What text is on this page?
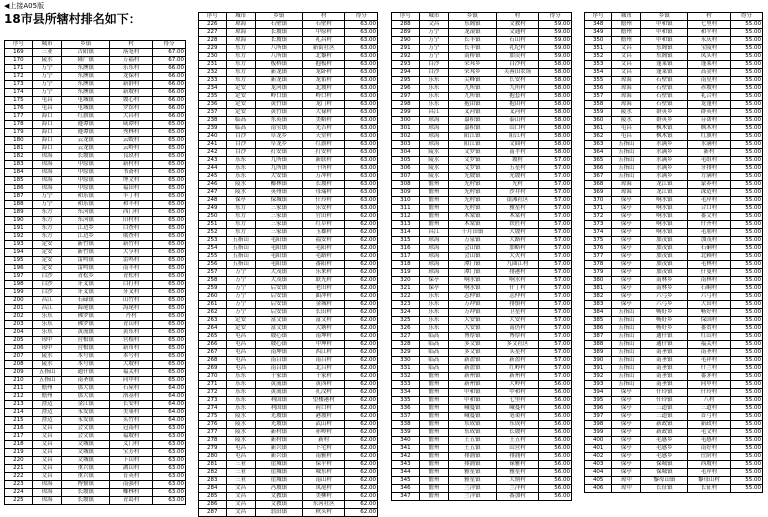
◀上接A05版
18市县所辖村排名如下：
序号	城市	乡镇	村	得分
169	三亚	吉阳镇	落笔村	67.00
170	陵水	隆广镇	万福村	67.00
171	万宁	东澳镇	乐东村	66.00
172	万宁	东澳镇	龙保村	66.00
173	万宁	东澳镇	新群村	66.00
174	万宁	东澳镇	新坡村	66.00
175	屯昌	屯城镇	坡心村	66.00
176	屯昌	屯城镇	罗馆村	66.00
177	海口	红旗镇	大昌村	66.00
178	海口	遵谭镇	咸谭村	65.00
179	海口	遵谭镇	秀林村	65.00
180	海口	云龙镇	云蛟村	65.00
181	海口	云龙镇	云岭村	65.00
182	琼海	长坡镇	良玖村	65.00
183	琼海	中原镇	新村村	65.00
184	琼海	中原镇	书斋村	65.00
185	琼海	中原镇	博文村	65.00
186	琼海	中原镇	福田村	65.00
187	万宁	和乐镇	丰丁村	65.00
188	万宁	和乐镇	和丰村	65.00
189	东方	东河镇	西门村	65.00
190	东方	东河镇	旧村村	65.00
191	东方	江边乡	白查村	65.00
192	东方	江边乡	俄查村	65.00
193	定安	新竹镇	新竹村	65.00
194	定安	新竹镇	大亨村	65.00
195	定安	雷鸣镇	雷鸣村	65.00
196	定安	雷鸣镇	南丰村	65.00
197	白沙	青松乡	青松村	65.00
198	白沙	牙叉镇	白打村	65.00
199	白沙	牙叉镇	牙叉村	65.00
200	昌江	石碌镇	山竹村	65.00
201	昌江	海尾镇	海尾村	65.00
202	乐东	佛罗镇	丹村	65.00
203	乐东	佛罗镇	青山村	65.00
204	乐东	黄流镇	黄东村	65.00
205	琼中	营根镇	营根村	65.00
206	琼中	营根镇	新市村	65.00
207	陵水	本号镇	本号村	65.00
208	陵水	本号镇	大坡村	65.00
209	五指山	通什镇	福关村	65.00
210	五指山	南圣镇	同甲村	65.00
211	儋州	那大镇	石屋村	64.00
212	儋州	那大镇	洛基村	64.00
213	澄迈	金江镇	长安村	64.00
214	澄迈	永发镇	美巢村	64.00
215	澄迈	永发镇	头竹村	64.00
216	文昌	会文镇	冠南村	63.00
217	文昌	会文镇	福坡村	63.00
218	文昌	文城镇	义门村	63.00
219	文昌	文城镇	宝芳村	63.00
220	文昌	文城镇	下山村	63.00
221	文昌	重兴镇	湖山村	63.00
222	文昌	重兴镇	育英村	63.00
223	琼海	博鳌镇	南强村	63.00
224	琼海	长坡镇	椰林村	63.00
225	琼海	长坡镇	青葛村	63.00
序号	城市	乡镇	村	得分
226	琼海	石壁镇	石壁村	63.00
227	琼海	长坡镇	中原村	63.00
228	琼海	长坡镇	礼昌村	63.00
229	东方	八所镇	新街社区	63.00
230	东方	八所镇	北黎村	63.00
231	东方	板桥镇	抱板村	63.00
232	东方	新龙镇	龙卧村	63.00
233	东方	新龙镇	龙佑村	63.00
234	定安	龙河镇	北坡村	63.00
235	定安	岭口镇	岭口村	63.00
236	定安	黄竹镇	龙门村	63.00
237	定安	黄竹镇	大禄村	63.00
238	临高	东英镇	美略村	63.00
239	临高	南宝镇	光吉村	63.00
240	白沙	阜龙乡	天堂村	63.00
241	白沙	阜龙乡	红旗村	63.00
242	白沙	打安镇	打安村	63.00
243	乐东	九所镇	新联村	63.00
244	乐东	九所镇	十所村	63.00
245	乐东	大安镇	万冲村	63.00
246	陵水	椰林镇	长坡村	63.00
247	陵水	英州镇	母瑞村	63.00
248	保亭	保城镇	什玲村	63.00
249	东方	三家镇	乐安村	63.00
250	东方	三家镇	官田村	62.00
251	东方	三家镇	红草村	62.00
252	东方	三家镇	玉雄村	62.00
253	五指山	毛阳镇	福安村	62.00
254	五指山	毛阳镇	毛阳村	62.00
255	五指山	毛阳镇	毛路村	62.00
256	五指山	毛阳镇	番阳村	62.00
257	万宁	大茂镇	乐来村	62.00
258	万宁	大茂镇	联光村	62.00
259	万宁	后安镇	老旧村	62.00
260	万宁	后安镇	曲冲村	62.00
261	万宁	后安镇	金城村	62.00
262	万宁	后安镇	长田村	62.00
263	定安	富文镇	富文村	62.00
264	定安	富文镇	大塘村	62.00
265	屯昌	坡心镇	南坤村	62.00
266	屯昌	坡心镇	中坤村	62.00
267	屯昌	南坤镇	西江村	62.00
268	屯昌	南吕镇	南吕村	62.00
269	屯昌	南吕镇	北吕村	62.00
270	乐东	千家镇	千家村	62.00
271	乐东	黄流镇	黄西村	62.00
272	乐东	黄流镇	孔汶村	62.00
273	乐东	利国镇	望楼港村	62.00
274	乐东	利国镇	荷口村	62.00
275	陵水	光坡镇	港坡村	62.00
276	陵水	光坡镇	武山村	62.00
277	陵水	新村镇	赤岭村	62.00
278	陵水	新村镇	新村	62.00
279	屯昌	新兴镇	卜宅村	62.00
280	屯昌	新兴镇	南雅村	62.00
281	三亚	崖城镇	保平村	62.00
282	三亚	崖城镇	城东村	62.00
283	三亚	崖城镇	南山村	62.00
284	文昌	冯坡镇	凤尾村	62.00
285	文昌	文教镇	美柳村	62.00
286	文昌	文教镇	东河社区	62.00
287	文昌	翁田镇	秋头村	62.00
序号	城市	乡镇	村	得分
288	文昌	东阁镇	文教村	59.00
289	万宁	龙滚镇	文通村	59.00
290	万宁	长丰镇	石山村	59.00
291	万宁	长丰镇	礼纪村	59.00
292	万宁	南桥镇	加贡村	59.00
293	白沙	荣邦乡	白沙村	58.00
294	白沙	荣邦乡	芙蓉田农场	58.00
295	乐东	尖峰镇	长安村	58.00
296	乐东	九所镇	九所村	58.00
297	乐东	九所镇	抱套村	58.00
298	乐东	抱由镇	抱由村	58.00
299	昌江	叉河镇	叉河村	58.00
300	琼海	嘉积镇	泰山村	58.00
301	琼海	嘉积镇	山口村	58.00
302	琼海	阳江镇	阳江村	58.00
303	琼海	阳江镇	文曲村	58.00
304	陵水	文罗镇	南平村	58.00
305	陵水	文罗镇	坡村	57.00
306	陵水	文罗镇	五星村	57.00
307	陵水	光坡镇	光坡村	57.00
308	儋州	光村镇	光村	57.00
309	儋州	光村镇	沙井村	57.00
310	儋州	光村镇	银滩社区	57.00
311	儋州	光村镇	雅星村	57.00
312	儋州	木棠镇	木棠村	57.00
313	儋州	木棠镇	铁匠村	57.00
314	昌江	十月田镇	大坡村	57.00
315	琼海	万泉镇	大路村	57.00
316	琼海	会山镇	加略村	57.00
317	琼海	会山镇	大火村	57.00
318	琼海	潭门镇	九曲江村	57.00
319	琼海	潭门镇	排港村	57.00
320	保亭	响水镇	响水村	57.00
321	保亭	响水镇	什丁村	57.00
322	乐东	志仲镇	志仲村	57.00
323	乐东	万冲镇	排慎村	57.00
324	乐东	万冲镇	卫星村	57.00
325	乐东	大安镇	大安村	57.00
326	乐东	大安镇	南仍村	57.00
327	临高	博厚镇	博厚村	57.00
328	临高	多文镇	多文社区	57.00
329	临高	多文镇	头星村	57.00
330	临高	新盈镇	新盈村	57.00
331	临高	新盈镇	红岭村	57.00
332	儋州	新州镇	新州村	57.00
333	儋州	新州镇	大岭村	56.00
334	儋州	中和镇	中和村	56.00
335	儋州	中和镇	七里村	56.00
336	儋州	峨蔓镇	峨蔓村	56.00
337	儋州	峨蔓镇	笔架村	56.00
338	儋州	东成镇	东成村	56.00
339	儋州	东成镇	长坡村	56.00
340	儋州	王五镇	王五村	56.00
341	儋州	王五镇	山营村	56.00
342	儋州	排浦镇	排浦村	56.00
343	儋州	排浦镇	禄雅村	56.00
344	儋州	雅星镇	雅星村	56.00
345	儋州	雅星镇	大炳村	56.00
346	儋州	兰洋镇	兰洋村	56.00
347	儋州	兰洋镇	番加村	56.00
序号	城市	乡镇	村	得分
348	儋州	中和镇	七里村	55.00
349	儋州	中和镇	和平村	55.00
350	儋州	中和镇	永庆村	55.00
351	文昌	东阁镇	宝陵村	55.00
352	文昌	东阁镇	凤头村	55.00
353	文昌	蓬莱镇	蓬莱村	55.00
354	文昌	蓬莱镇	高金村	55.00
355	琼海	石壁镇	南星村	55.00
356	琼海	石壁镇	赤坡村	55.00
357	琼海	石壁镇	礼合村	55.00
358	琼海	石壁镇	龙蓬村	55.00
359	陵水	群英乡	群英村	55.00
360	陵水	群英乡	芬诺村	55.00
361	屯昌	枫木镇	枫木村	55.00
362	屯昌	枫木镇	红旗村	55.00
363	五指山	水满乡	水满村	55.00
364	五指山	水满乡	新村	55.00
365	五指山	水满乡	毛组村	55.00
366	五指山	水满乡	牙排村	55.00
367	五指山	水满乡	方满村	55.00
368	琼海	龙江镇	蒙养村	55.00
369	琼海	龙江镇	深造村	55.00
370	保亭	响水镇	毛岸村	55.00
371	保亭	响水镇	合口村	55.00
372	保亭	响水镇	番文村	55.00
373	保亭	响水镇	什齐村	55.00
374	保亭	响水镇	毛朋村	55.00
375	保亭	加茂镇	加茂村	55.00
376	保亭	加茂镇	石硐村	55.00
377	保亭	加茂镇	北赖村	55.00
378	保亭	加茂镇	毛林村	55.00
379	保亭	加茂镇	什曼村	55.00
380	保亭	南林乡	南林村	55.00
381	保亭	南林乡	石峒村	55.00
382	保亭	六弓乡	六弓村	55.00
383	保亭	六弓乡	大田村	55.00
384	五指山	畅好乡	畅好村	55.00
385	五指山	畅好乡	保国村	55.00
386	五指山	畅好乡	番贺村	55.00
387	五指山	通什镇	红山村	55.00
388	五指山	通什镇	福关村	55.00
389	五指山	南圣镇	南圣村	55.00
390	五指山	南圣镇	毛祥村	55.00
391	五指山	南圣镇	什兰村	55.00
392	五指山	南圣镇	番茅村	55.00
393	五指山	南圣镇	同甲村	55.00
394	保亭	什玲镇	什玲村	55.00
395	保亭	什玲镇	八村	55.00
396	保亭	三道镇	三道村	55.00
397	保亭	三道镇	首弓村	55.00
398	保亭	新政镇	新政村	55.00
399	保亭	新政镇	毛文村	55.00
400	保亭	毛感乡	毛感村	55.00
401	保亭	毛感乡	南好村	55.00
402	保亭	毛感乡	仕阶村	55.00
403	保亭	保城镇	西坡村	55.00
404	保亭	保城镇	毛岸村	55.00
405	琼中	黎母山镇	黎母山村	55.00
406	琼中	长征镇	长征村	55.00
